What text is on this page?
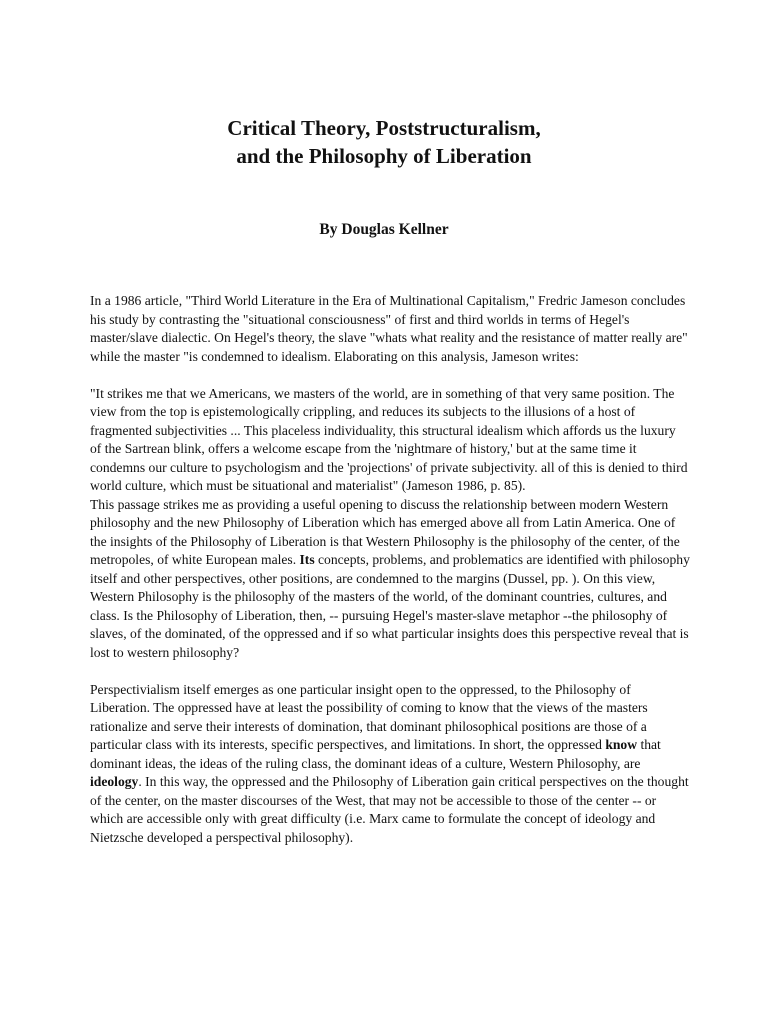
Critical Theory, Poststructuralism,
and the Philosophy of Liberation
By Douglas Kellner

In a 1986 article, "Third World Literature in the Era of Multinational Capitalism," Fredric Jameson concludes his study by contrasting the "situational consciousness" of first and third worlds in terms of Hegel's master/slave dialectic. On Hegel's theory, the slave "whats what reality and the resistance of matter really are" while the master "is condemned to idealism. Elaborating on this analysis, Jameson writes:

"It strikes me that we Americans, we masters of the world, are in something of that very same position. The view from the top is epistemologically crippling, and reduces its subjects to the illusions of a host of fragmented subjectivities ... This placeless individuality, this structural idealism which affords us the luxury of the Sartrean blink, offers a welcome escape from the 'nightmare of history,' but at the same time it condemns our culture to psychologism and the 'projections' of private subjectivity. all of this is denied to third world culture, which must be situational and materialist" (Jameson 1986, p. 85).

This passage strikes me as providing a useful opening to discuss the relationship between modern Western philosophy and the new Philosophy of Liberation which has emerged above all from Latin America. One of the insights of the Philosophy of Liberation is that Western Philosophy is the philosophy of the center, of the metropoles, of white European males. Its concepts, problems, and problematics are identified with philosophy itself and other perspectives, other positions, are condemned to the margins (Dussel, pp. ). On this view, Western Philosophy is the philosophy of the masters of the world, of the dominant countries, cultures, and class. Is the Philosophy of Liberation, then, -- pursuing Hegel's master-slave metaphor --the philosophy of slaves, of the dominated, of the oppressed and if so what particular insights does this perspective reveal that is lost to western philosophy?

Perspectivialism itself emerges as one particular insight open to the oppressed, to the Philosophy of Liberation. The oppressed have at least the possibility of coming to know that the views of the masters rationalize and serve their interests of domination, that dominant philosophical positions are those of a particular class with its interests, specific perspectives, and limitations. In short, the oppressed know that dominant ideas, the ideas of the ruling class, the dominant ideas of a culture, Western Philosophy, are ideology. In this way, the oppressed and the Philosophy of Liberation gain critical perspectives on the thought of the center, on the master discourses of the West, that may not be accessible to those of the center -- or which are accessible only with great difficulty (i.e. Marx came to formulate the concept of ideology and Nietzsche developed a perspectival philosophy).
